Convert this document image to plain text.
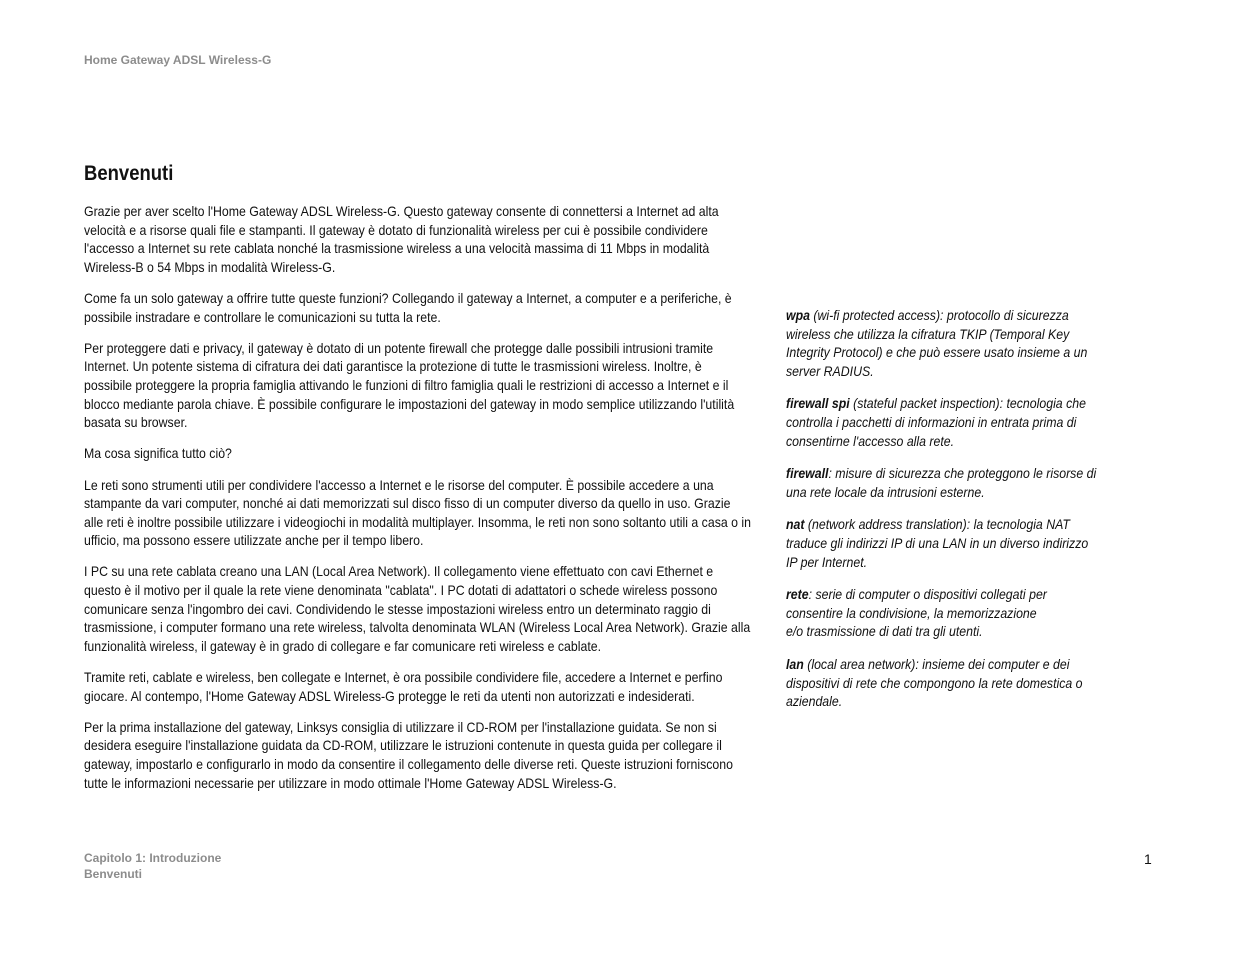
Home Gateway ADSL Wireless-G
Benvenuti

Grazie per aver scelto l'Home Gateway ADSL Wireless-G. Questo gateway consente di connettersi a Internet ad alta velocità e a risorse quali file e stampanti. Il gateway è dotato di funzionalità wireless per cui è possibile condividere l'accesso a Internet su rete cablata nonché la trasmissione wireless a una velocità massima di 11 Mbps in modalità Wireless-B o 54 Mbps in modalità Wireless-G.

Come fa un solo gateway a offrire tutte queste funzioni? Collegando il gateway a Internet, a computer e a periferiche, è possibile instradare e controllare le comunicazioni su tutta la rete.

Per proteggere dati e privacy, il gateway è dotato di un potente firewall che protegge dalle possibili intrusioni tramite Internet. Un potente sistema di cifratura dei dati garantisce la protezione di tutte le trasmissioni wireless. Inoltre, è possibile proteggere la propria famiglia attivando le funzioni di filtro famiglia quali le restrizioni di accesso a Internet e il blocco mediante parola chiave. È possibile configurare le impostazioni del gateway in modo semplice utilizzando l'utilità basata su browser.

Ma cosa significa tutto ciò?

Le reti sono strumenti utili per condividere l'accesso a Internet e le risorse del computer. È possibile accedere a una stampante da vari computer, nonché ai dati memorizzati sul disco fisso di un computer diverso da quello in uso. Grazie alle reti è inoltre possibile utilizzare i videogiochi in modalità multiplayer. Insomma, le reti non sono soltanto utili a casa o in ufficio, ma possono essere utilizzate anche per il tempo libero.

I PC su una rete cablata creano una LAN (Local Area Network). Il collegamento viene effettuato con cavi Ethernet e questo è il motivo per il quale la rete viene denominata "cablata". I PC dotati di adattatori o schede wireless possono comunicare senza l'ingombro dei cavi. Condividendo le stesse impostazioni wireless entro un determinato raggio di trasmissione, i computer formano una rete wireless, talvolta denominata WLAN (Wireless Local Area Network). Grazie alla funzionalità wireless, il gateway è in grado di collegare e far comunicare reti wireless e cablate.

Tramite reti, cablate e wireless, ben collegate e Internet, è ora possibile condividere file, accedere a Internet e perfino giocare. Al contempo, l'Home Gateway ADSL Wireless-G protegge le reti da utenti non autorizzati e indesiderati.

Per la prima installazione del gateway, Linksys consiglia di utilizzare il CD-ROM per l'installazione guidata. Se non si desidera eseguire l'installazione guidata da CD-ROM, utilizzare le istruzioni contenute in questa guida per collegare il gateway, impostarlo e configurarlo in modo da consentire il collegamento delle diverse reti. Queste istruzioni forniscono tutte le informazioni necessarie per utilizzare in modo ottimale l'Home Gateway ADSL Wireless-G.

wpa (wi-fi protected access): protocollo di sicurezza wireless che utilizza la cifratura TKIP (Temporal Key Integrity Protocol) e che può essere usato insieme a un server RADIUS.

firewall spi (stateful packet inspection): tecnologia che controlla i pacchetti di informazioni in entrata prima di consentirne l'accesso alla rete.

firewall: misure di sicurezza che proteggono le risorse di una rete locale da intrusioni esterne.

nat (network address translation): la tecnologia NAT traduce gli indirizzi IP di una LAN in un diverso indirizzo IP per Internet.

rete: serie di computer o dispositivi collegati per consentire la condivisione, la memorizzazione e/o trasmissione di dati tra gli utenti.

lan (local area network): insieme dei computer e dei dispositivi di rete che compongono la rete domestica o aziendale.

Capitolo 1: Introduzione
Benvenuti
1
